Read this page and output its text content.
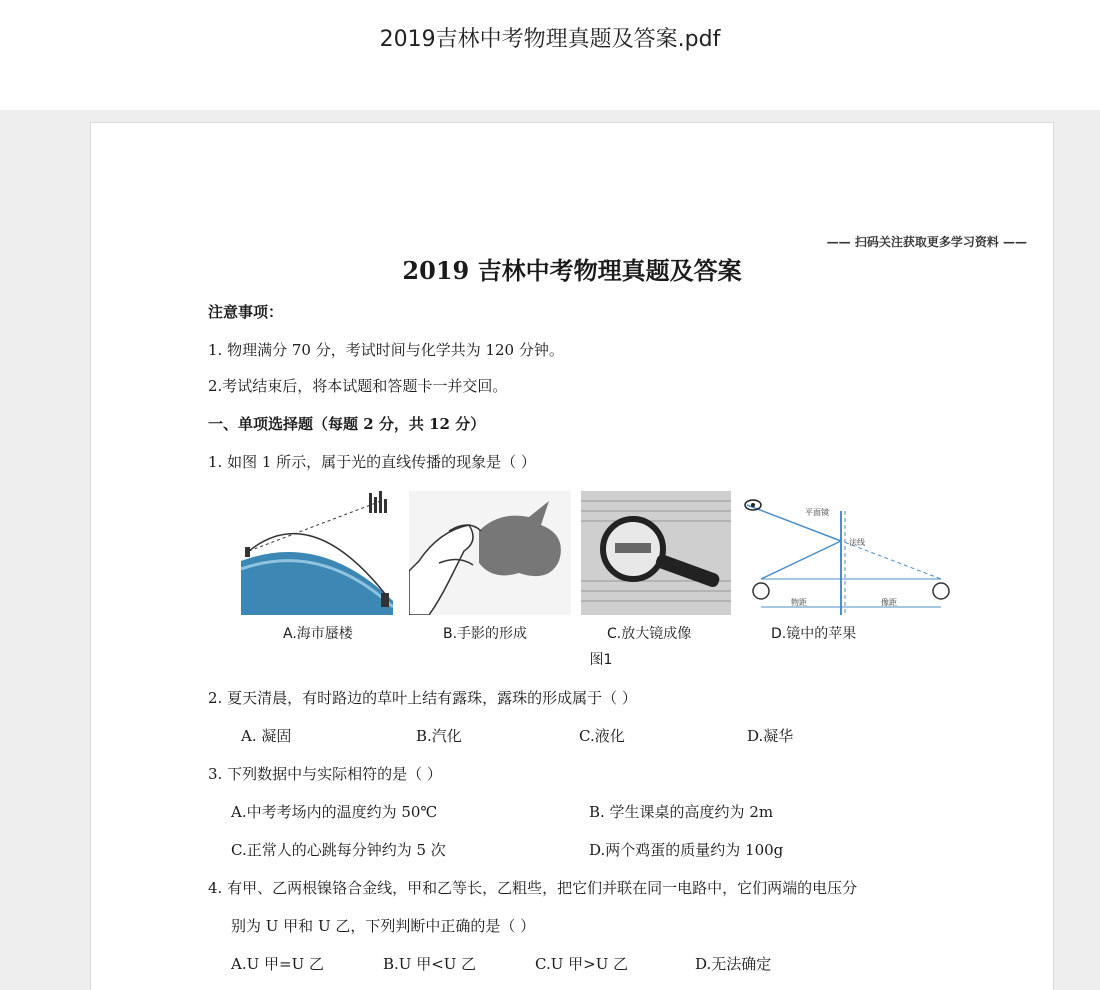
2019吉林中考物理真题及答案.pdf
—— 扫码关注获取更多学习资料 ——
2019 吉林中考物理真题及答案
注意事项：
1. 物理满分 70 分，考试时间与化学共为 120 分钟。
2.考试结束后，将本试题和答题卡一并交回。
一、单项选择题（每题 2 分，共 12 分）
1. 如图 1 所示，属于光的直线传播的现象是（ ）
平面镜
法线
物距	像距
A.海市蜃楼	B.手影的形成	C.放大镜成像	D.镜中的苹果
图1
2. 夏天清晨，有时路边的草叶上结有露珠，露珠的形成属于（ ）
A. 凝固	B.汽化	C.液化	D.凝华
3. 下列数据中与实际相符的是（ ）
A.中考考场内的温度约为 50℃	B. 学生课桌的高度约为 2m
C.正常人的心跳每分钟约为 5 次	D.两个鸡蛋的质量约为 100g
4. 有甲、乙两根镍铬合金线，甲和乙等长，乙粗些，把它们并联在同一电路中，它们两端的电压分
别为 U 甲和 U 乙，下列判断中正确的是（ ）
A.U 甲=U 乙	B.U 甲<U 乙	C.U 甲>U 乙	D.无法确定
